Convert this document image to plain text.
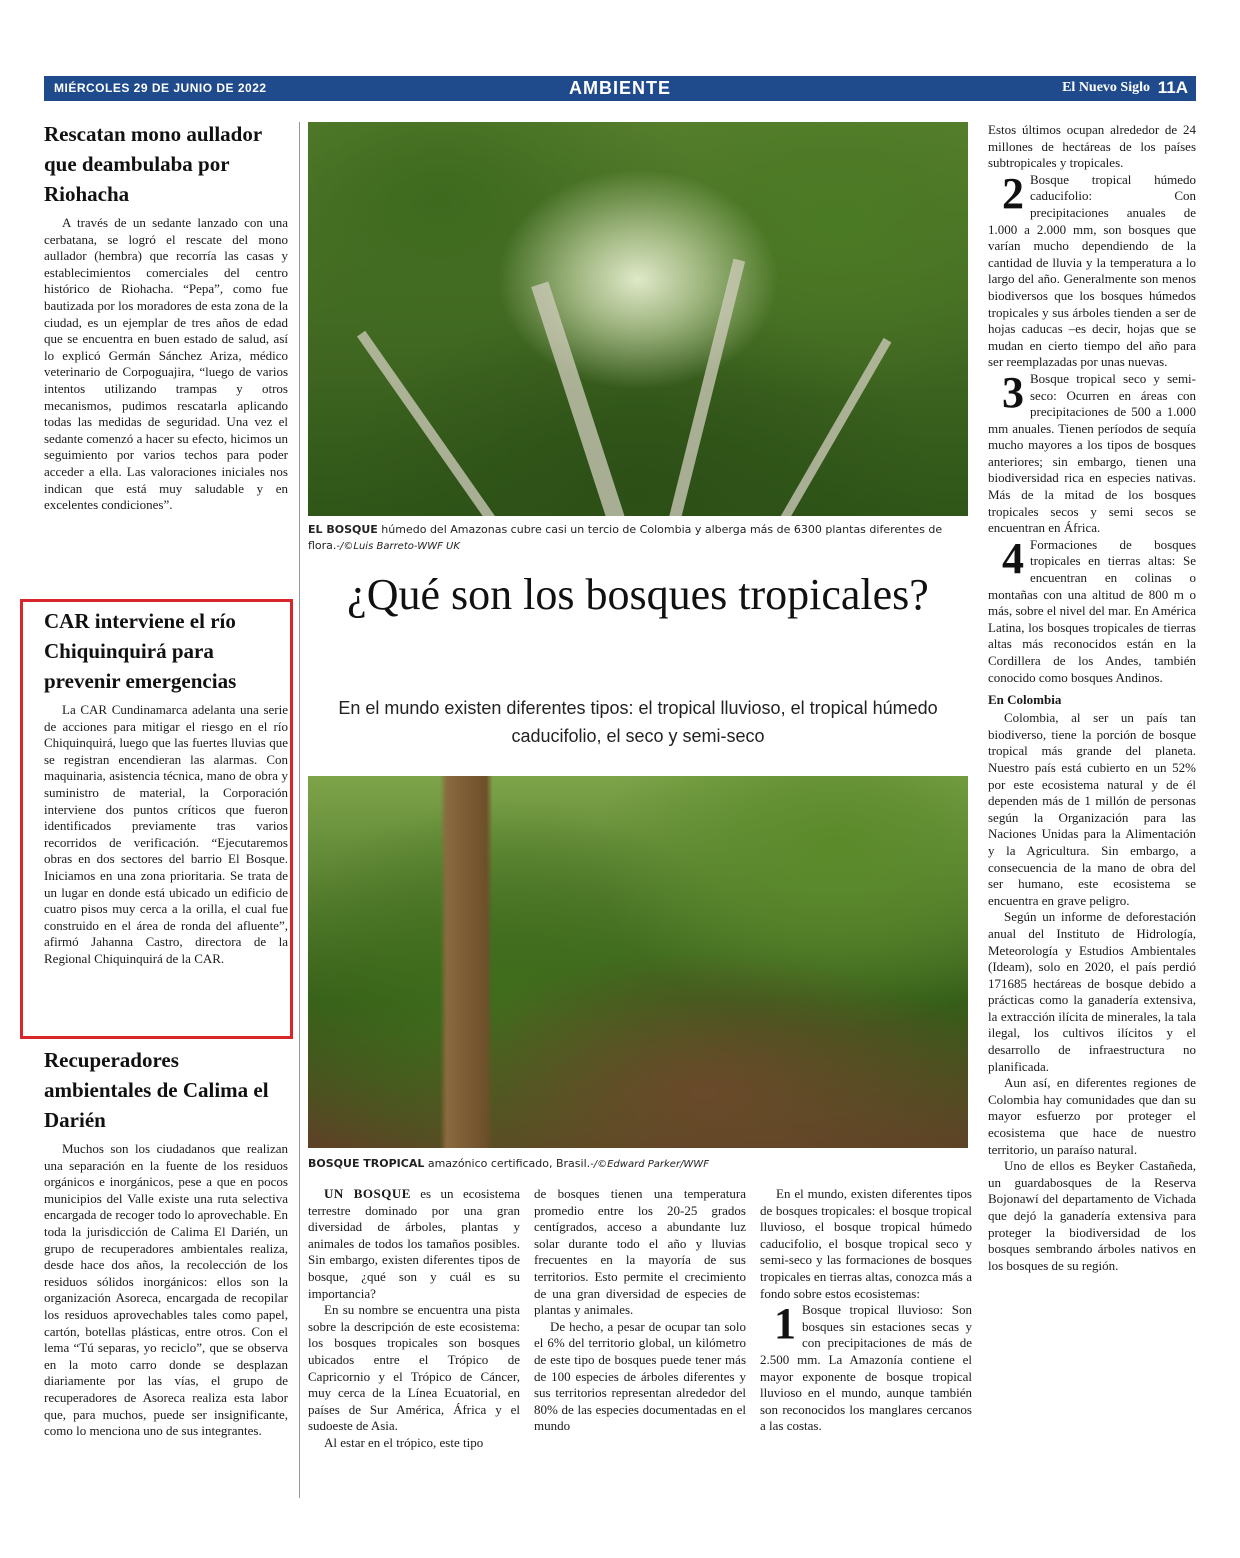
MIÉRCOLES 29 DE JUNIO DE 2022	AMBIENTE	El Nuevo Siglo 11A
Rescatan mono aullador que deambulaba por Riohacha

A través de un sedante lanzado con una cerbatana, se logró el rescate del mono aullador (hembra) que recorría las casas y establecimientos comerciales del centro histórico de Riohacha. “Pepa”, como fue bautizada por los moradores de esta zona de la ciudad, es un ejemplar de tres años de edad que se encuentra en buen estado de salud, así lo explicó Germán Sánchez Ariza, médico veterinario de Corpoguajira, “luego de varios intentos utilizando trampas y otros mecanismos, pudimos rescatarla aplicando todas las medidas de seguridad. Una vez el sedante comenzó a hacer su efecto, hicimos un seguimiento por varios techos para poder acceder a ella. Las valoraciones iniciales nos indican que está muy saludable y en excelentes condiciones”.

CAR interviene el río Chiquinquirá para prevenir emergencias

La CAR Cundinamarca adelanta una serie de acciones para mitigar el riesgo en el río Chiquinquirá, luego que las fuertes lluvias que se registran encendieran las alarmas. Con maquinaria, asistencia técnica, mano de obra y suministro de material, la Corporación interviene dos puntos críticos que fueron identificados previamente tras varios recorridos de verificación. “Ejecutaremos obras en dos sectores del barrio El Bosque. Iniciamos en una zona prioritaria. Se trata de un lugar en donde está ubicado un edificio de cuatro pisos muy cerca a la orilla, el cual fue construido en el área de ronda del afluente”, afirmó Jahanna Castro, directora de la Regional Chiquinquirá de la CAR.

Recuperadores ambientales de Calima el Darién

Muchos son los ciudadanos que realizan una separación en la fuente de los residuos orgánicos e inorgánicos, pese a que en pocos municipios del Valle existe una ruta selectiva encargada de recoger todo lo aprovechable. En toda la jurisdicción de Calima El Darién, un grupo de recuperadores ambientales realiza, desde hace dos años, la recolección de los residuos sólidos inorgánicos: ellos son la organización Asoreca, encargada de recopilar los residuos aprovechables tales como papel, cartón, botellas plásticas, entre otros. Con el lema “Tú separas, yo reciclo”, que se observa en la moto carro donde se desplazan diariamente por las vías, el grupo de recuperadores de Asoreca realiza esta labor que, para muchos, puede ser insignificante, como lo menciona uno de sus integrantes.

EL BOSQUE húmedo del Amazonas cubre casi un tercio de Colombia y alberga más de 6300 plantas diferentes de flora.-/©Luis Barreto-WWF UK
¿Qué son los bosques tropicales?

En el mundo existen diferentes tipos: el tropical lluvioso, el tropical húmedo caducifolio, el seco y semi-seco

BOSQUE TROPICAL amazónico certificado, Brasil.-/©Edward Parker/WWF

UN BOSQUE es un ecosistema terrestre dominado por una gran diversidad de árboles, plantas y animales de todos los tamaños posibles. Sin embargo, existen diferentes tipos de bosque, ¿qué son y cuál es su importancia?

En su nombre se encuentra una pista sobre la descripción de este ecosistema: los bosques tropicales son bosques ubicados entre el Trópico de Capricornio y el Trópico de Cáncer, muy cerca de la Línea Ecuatorial, en países de Sur América, África y el sudoeste de Asia.

Al estar en el trópico, este tipo

de bosques tienen una temperatura promedio entre los 20-25 grados centígrados, acceso a abundante luz solar durante todo el año y lluvias frecuentes en la mayoría de sus territorios. Esto permite el crecimiento de una gran diversidad de especies de plantas y animales.

De hecho, a pesar de ocupar tan solo el 6% del territorio global, un kilómetro de este tipo de bosques puede tener más de 100 especies de árboles diferentes y sus territorios representan alrededor del 80% de las especies documentadas en el mundo

En el mundo, existen diferentes tipos de bosques tropicales: el bosque tropical lluvioso, el bosque tropical húmedo caducifolio, el bosque tropical seco y semi-seco y las formaciones de bosques tropicales en tierras altas, conozca más a fondo sobre estos ecosistemas:

1 Bosque tropical lluvioso: Son bosques sin estaciones secas y con precipitaciones de más de 2.500 mm. La Amazonía contiene el mayor exponente de bosque tropical lluvioso en el mundo, aunque también son reconocidos los manglares cercanos a las costas.

Estos últimos ocupan alrededor de 24 millones de hectáreas de los países subtropicales y tropicales.

2 Bosque tropical húmedo caducifolio: Con precipitaciones anuales de 1.000 a 2.000 mm, son bosques que varían mucho dependiendo de la cantidad de lluvia y la temperatura a lo largo del año. Generalmente son menos biodiversos que los bosques húmedos tropicales y sus árboles tienden a ser de hojas caducas –es decir, hojas que se mudan en cierto tiempo del año para ser reemplazadas por unas nuevas.
3 Bosque tropical seco y semi-seco: Ocurren en áreas con precipitaciones de 500 a 1.000 mm anuales. Tienen períodos de sequía mucho mayores a los tipos de bosques anteriores; sin embargo, tienen una biodiversidad rica en especies nativas. Más de la mitad de los bosques tropicales secos y semi secos se encuentran en África.
4 Formaciones de bosques tropicales en tierras altas: Se encuentran en colinas o montañas con una altitud de 800 m o más, sobre el nivel del mar. En América Latina, los bosques tropicales de tierras altas más reconocidos están en la Cordillera de los Andes, también conocido como bosques Andinos.

En Colombia

Colombia, al ser un país tan biodiverso, tiene la porción de bosque tropical más grande del planeta. Nuestro país está cubierto en un 52% por este ecosistema natural y de él dependen más de 1 millón de personas según la Organización para las Naciones Unidas para la Alimentación y la Agricultura. Sin embargo, a consecuencia de la mano de obra del ser humano, este ecosistema se encuentra en grave peligro.

Según un informe de deforestación anual del Instituto de Hidrología, Meteorología y Estudios Ambientales (Ideam), solo en 2020, el país perdió 171685 hectáreas de bosque debido a prácticas como la ganadería extensiva, la extracción ilícita de minerales, la tala ilegal, los cultivos ilícitos y el desarrollo de infraestructura no planificada.

Aun así, en diferentes regiones de Colombia hay comunidades que dan su mayor esfuerzo por proteger el ecosistema que hace de nuestro territorio, un paraíso natural.

Uno de ellos es Beyker Castañeda, un guardabosques de la Reserva Bojonawí del departamento de Vichada que dejó la ganadería extensiva para proteger la biodiversidad de los bosques sembrando árboles nativos en los bosques de su región.
